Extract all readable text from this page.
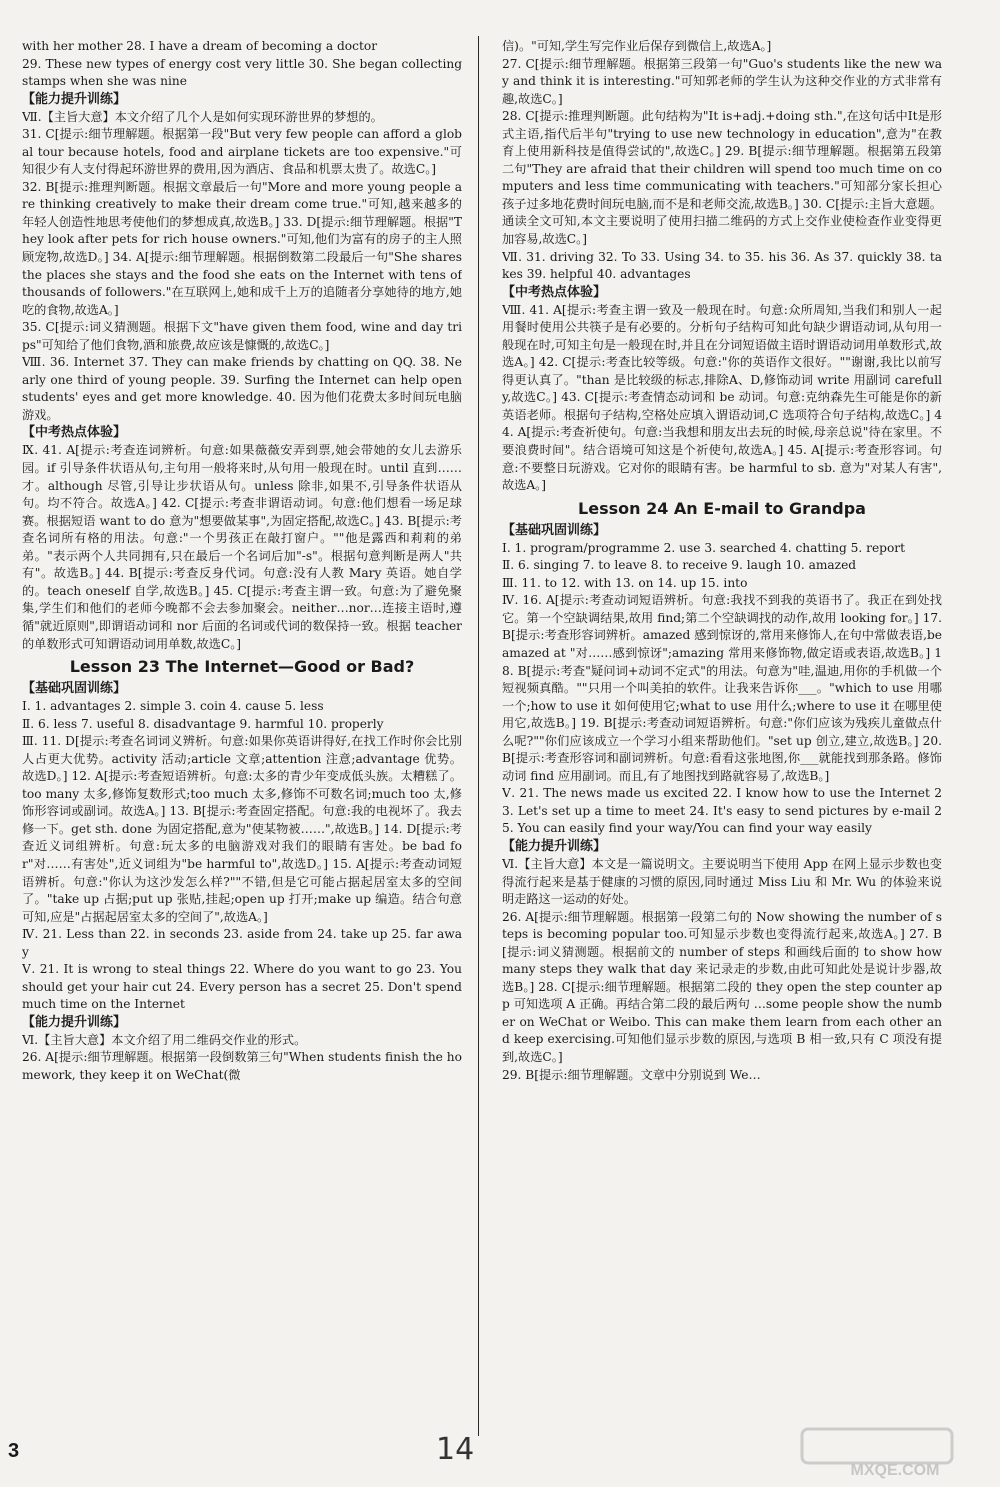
with her mother 28. I have a dream of becoming a doctor

29. These new types of energy cost very little 30. She began collecting stamps when she was nine

【能力提升训练】

Ⅶ.【主旨大意】本文介绍了几个人是如何实现环游世界的梦想的。

31. C[提示:细节理解题。根据第一段"But very few people can afford a global tour because hotels, food and airplane tickets are too expensive."可知很少有人支付得起环游世界的费用,因为酒店、食品和机票太贵了。故选C。]

32. B[提示:推理判断题。根据文章最后一句"More and more young people are thinking creatively to make their dream come true."可知,越来越多的年轻人创造性地思考使他们的梦想成真,故选B。] 33. D[提示:细节理解题。根据"They look after pets for rich house owners."可知,他们为富有的房子的主人照顾宠物,故选D。] 34. A[提示:细节理解题。根据倒数第二段最后一句"She shares the places she stays and the food she eats on the Internet with tens of thousands of followers."在互联网上,她和成千上万的追随者分享她待的地方,她吃的食物,故选A。]

35. C[提示:词义猜测题。根据下文"have given them food, wine and day trips"可知给了他们食物,酒和旅费,故应该是慷慨的,故选C。]

Ⅷ. 36. Internet 37. They can make friends by chatting on QQ. 38. Nearly one third of young people. 39. Surfing the Internet can help open students' eyes and get more knowledge. 40. 因为他们花费太多时间玩电脑游戏。

【中考热点体验】

Ⅸ. 41. A[提示:考查连词辨析。句意:如果薇薇安弄到票,她会带她的女儿去游乐园。if 引导条件状语从句,主句用一般将来时,从句用一般现在时。until 直到……才。although 尽管,引导让步状语从句。unless 除非,如果不,引导条件状语从句。均不符合。故选A。] 42. C[提示:考查非谓语动词。句意:他们想看一场足球赛。根据短语 want to do 意为"想要做某事",为固定搭配,故选C。] 43. B[提示:考查名词所有格的用法。句意:"一个男孩正在敲打窗户。""他是露西和莉莉的弟弟。"表示两个人共同拥有,只在最后一个名词后加"-s"。根据句意判断是两人"共有"。故选B。] 44. B[提示:考查反身代词。句意:没有人教 Mary 英语。她自学的。teach oneself 自学,故选B。] 45. C[提示:考查主谓一致。句意:为了避免聚集,学生们和他们的老师今晚都不会去参加聚会。neither…nor…连接主语时,遵循"就近原则",即谓语动词和 nor 后面的名词或代词的数保持一致。根据 teacher 的单数形式可知谓语动词用单数,故选C。]

Lesson 23 The Internet—Good or Bad?

【基础巩固训练】

Ⅰ. 1. advantages 2. simple 3. coin 4. cause 5. less

Ⅱ. 6. less 7. useful 8. disadvantage 9. harmful 10. properly

Ⅲ. 11. D[提示:考查名词词义辨析。句意:如果你英语讲得好,在找工作时你会比别人占更大优势。activity 活动;article 文章;attention 注意;advantage 优势。故选D。] 12. A[提示:考查短语辨析。句意:太多的青少年变成低头族。太糟糕了。too many 太多,修饰复数形式;too much 太多,修饰不可数名词;much too 太,修饰形容词或副词。故选A。] 13. B[提示:考查固定搭配。句意:我的电视坏了。我去修一下。get sth. done 为固定搭配,意为"使某物被……",故选B。] 14. D[提示:考查近义词组辨析。句意:玩太多的电脑游戏对我们的眼睛有害处。be bad for"对……有害处",近义词组为"be harmful to",故选D。] 15. A[提示:考查动词短语辨析。句意:"你认为这沙发怎么样?""不错,但是它可能占据起居室太多的空间了。"take up 占据;put up 张贴,挂起;open up 打开;make up 编造。结合句意可知,应是"占据起居室太多的空间了",故选A。]

Ⅳ. 21. Less than 22. in seconds 23. aside from 24. take up 25. far away

Ⅴ. 21. It is wrong to steal things 22. Where do you want to go 23. You should get your hair cut 24. Every person has a secret 25. Don't spend much time on the Internet

【能力提升训练】

Ⅵ.【主旨大意】本文介绍了用二维码交作业的形式。

26. A[提示:细节理解题。根据第一段倒数第三句"When students finish the homework, they keep it on WeChat(微

信)。"可知,学生写完作业后保存到微信上,故选A。]

27. C[提示:细节理解题。根据第三段第一句"Guo's students like the new way and think it is interesting."可知郭老师的学生认为这种交作业的方式非常有趣,故选C。]

28. C[提示:推理判断题。此句结构为"It is+adj.+doing sth.",在这句话中It是形式主语,指代后半句"trying to use new technology in education",意为"在教育上使用新科技是值得尝试的",故选C。] 29. B[提示:细节理解题。根据第五段第二句"They are afraid that their children will spend too much time on computers and less time communicating with teachers."可知部分家长担心孩子过多地花费时间玩电脑,而不是和老师交流,故选B。] 30. C[提示:主旨大意题。通读全文可知,本文主要说明了使用扫描二维码的方式上交作业使检查作业变得更加容易,故选C。]

Ⅶ. 31. driving 32. To 33. Using 34. to 35. his 36. As 37. quickly 38. takes 39. helpful 40. advantages

【中考热点体验】

Ⅷ. 41. A[提示:考查主谓一致及一般现在时。句意:众所周知,当我们和别人一起用餐时使用公共筷子是有必要的。分析句子结构可知此句缺少谓语动词,从句用一般现在时,可知主句是一般现在时,并且在分词短语做主语时谓语动词用单数形式,故选A。] 42. C[提示:考查比较等级。句意:"你的英语作文很好。""谢谢,我比以前写得更认真了。"than 是比较级的标志,排除A、D,修饰动词 write 用副词 carefully,故选C。] 43. C[提示:考查情态动词和 be 动词。句意:克纳森先生可能是你的新英语老师。根据句子结构,空格处应填入谓语动词,C 选项符合句子结构,故选C。] 44. A[提示:考查祈使句。句意:当我想和朋友出去玩的时候,母亲总说"待在家里。不要浪费时间"。结合语境可知这是个祈使句,故选A。] 45. A[提示:考查形容词。句意:不要整日玩游戏。它对你的眼睛有害。be harmful to sb. 意为"对某人有害",故选A。]

Lesson 24 An E-mail to Grandpa

【基础巩固训练】

Ⅰ. 1. program/programme 2. use 3. searched 4. chatting 5. report

Ⅱ. 6. singing 7. to leave 8. to receive 9. laugh 10. amazed

Ⅲ. 11. to 12. with 13. on 14. up 15. into

Ⅳ. 16. A[提示:考查动词短语辨析。句意:我找不到我的英语书了。我正在到处找它。第一个空缺调结果,故用 find;第二个空缺调找的动作,故用 looking for。] 17. B[提示:考查形容词辨析。amazed 感到惊讶的,常用来修饰人,在句中常做表语,be amazed at "对……感到惊讶";amazing 常用来修饰物,做定语或表语,故选B。] 18. B[提示:考查"疑问词+动词不定式"的用法。句意为"哇,温迪,用你的手机做一个短视频真酷。""只用一个叫美拍的软件。让我来告诉你___。"which to use 用哪一个;how to use it 如何使用它;what to use 用什么;where to use it 在哪里使用它,故选B。] 19. B[提示:考查动词短语辨析。句意:"你们应该为残疾儿童做点什么呢?""你们应该成立一个学习小组来帮助他们。"set up 创立,建立,故选B。] 20. B[提示:考查形容词和副词辨析。句意:看看这张地图,你___就能找到那条路。修饰动词 find 应用副词。而且,有了地图找到路就容易了,故选B。]

Ⅴ. 21. The news made us excited 22. I know how to use the Internet 23. Let's set up a time to meet 24. It's easy to send pictures by e-mail 25. You can easily find your way/You can find your way easily

【能力提升训练】

Ⅵ.【主旨大意】本文是一篇说明文。主要说明当下使用 App 在网上显示步数也变得流行起来是基于健康的习惯的原因,同时通过 Miss Liu 和 Mr. Wu 的体验来说明走路这一运动的好处。

26. A[提示:细节理解题。根据第一段第二句的 Now showing the number of steps is becoming popular too.可知显示步数也变得流行起来,故选A。] 27. B[提示:词义猜测题。根据前文的 number of steps 和画线后面的 to show how many steps they walk that day 来记录走的步数,由此可知此处是说计步器,故选B。] 28. C[提示:细节理解题。根据第二段的 they open the step counter app 可知选项 A 正确。再结合第二段的最后两句 …some people show the number on WeChat or Weibo. This can make them learn from each other and keep exercising.可知他们显示步数的原因,与选项 B 相一致,只有 C 项没有提到,故选C。]

29. B[提示:细节理解题。文章中分别说到 We…

3	14
MXQE.COM
